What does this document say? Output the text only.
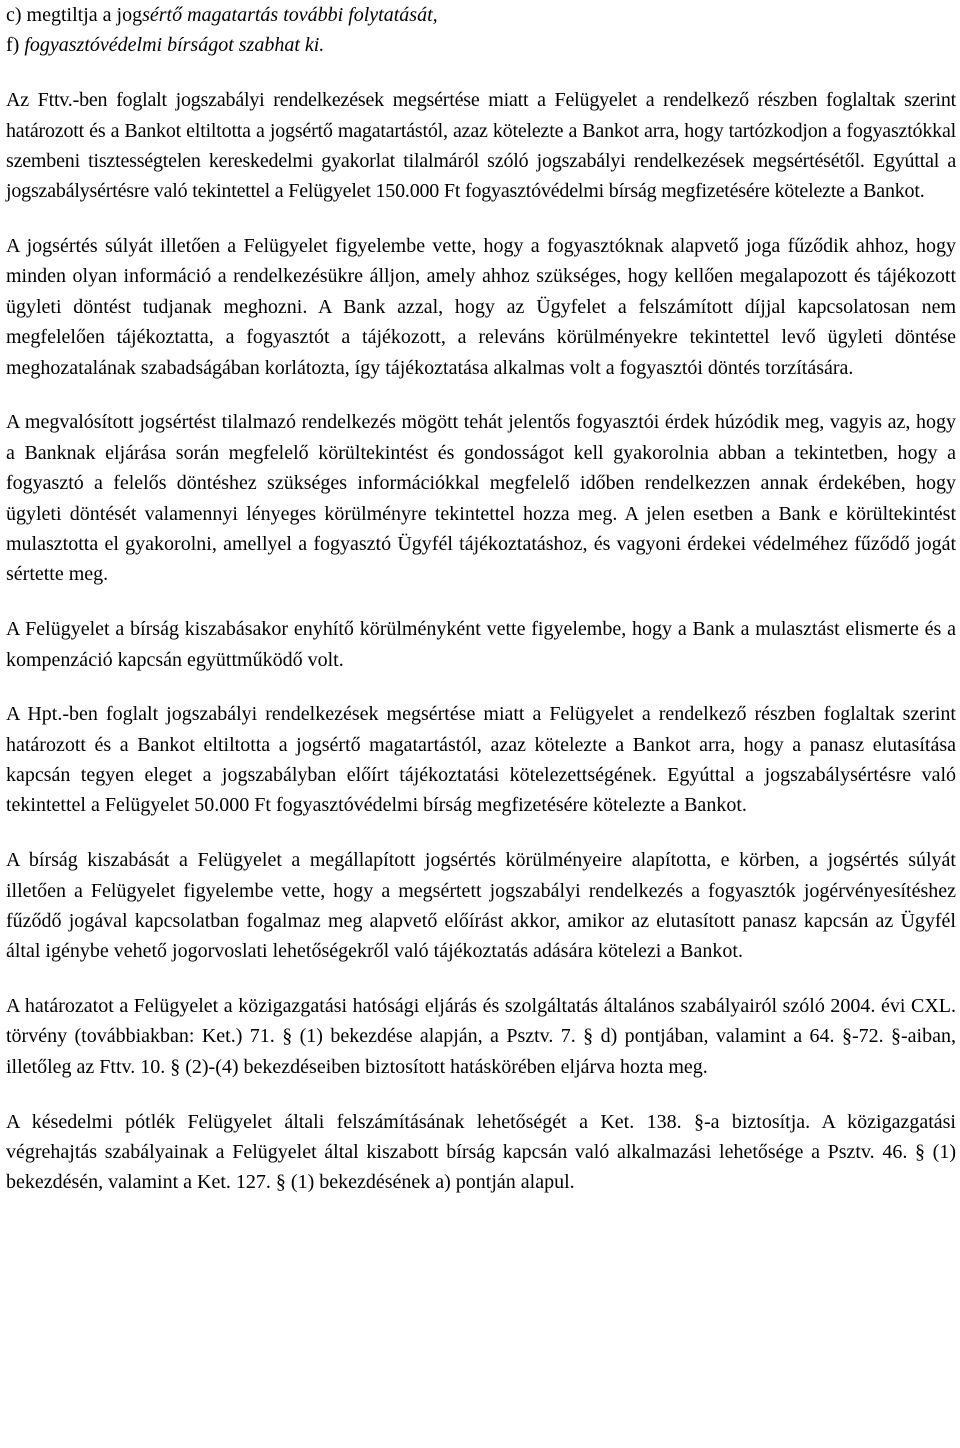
c) megtiltja a jogsértő magatartás további folytatását,
f) fogyasztóvédelmi bírságot szabhat ki.

Az Fttv.-ben foglalt jogszabályi rendelkezések megsértése miatt a Felügyelet a rendelkező részben foglaltak szerint határozott és a Bankot eltiltotta a jogsértő magatartástól, azaz kötelezte a Bankot arra, hogy tartózkodjon a fogyasztókkal szembeni tisztességtelen kereskedelmi gyakorlat tilalmáról szóló jogszabályi rendelkezések megsértésétől. Egyúttal a jogszabálysértésre való tekintettel a Felügyelet 150.000 Ft fogyasztóvédelmi bírság megfizetésére kötelezte a Bankot.

A jogsértés súlyát illetően a Felügyelet figyelembe vette, hogy a fogyasztóknak alapvető joga fűződik ahhoz, hogy minden olyan információ a rendelkezésükre álljon, amely ahhoz szükséges, hogy kellően megalapozott és tájékozott ügyleti döntést tudjanak meghozni. A Bank azzal, hogy az Ügyfelet a felszámított díjjal kapcsolatosan nem megfelelően tájékoztatta, a fogyasztót a tájékozott, a releváns körülményekre tekintettel levő ügyleti döntése meghozatalának szabadságában korlátozta, így tájékoztatása alkalmas volt a fogyasztói döntés torzítására.

A megvalósított jogsértést tilalmazó rendelkezés mögött tehát jelentős fogyasztói érdek húzódik meg, vagyis az, hogy a Banknak eljárása során megfelelő körültekintést és gondosságot kell gyakorolnia abban a tekintetben, hogy a fogyasztó a felelős döntéshez szükséges információkkal megfelelő időben rendelkezzen annak érdekében, hogy ügyleti döntését valamennyi lényeges körülményre tekintettel hozza meg. A jelen esetben a Bank e körültekintést mulasztotta el gyakorolni, amellyel a fogyasztó Ügyfél tájékoztatáshoz, és vagyoni érdekei védelméhez fűződő jogát sértette meg.

A Felügyelet a bírság kiszabásakor enyhítő körülményként vette figyelembe, hogy a Bank a mulasztást elismerte és a kompenzáció kapcsán együttműködő volt.

A Hpt.-ben foglalt jogszabályi rendelkezések megsértése miatt a Felügyelet a rendelkező részben foglaltak szerint határozott és a Bankot eltiltotta a jogsértő magatartástól, azaz kötelezte a Bankot arra, hogy a panasz elutasítása kapcsán tegyen eleget a jogszabályban előírt tájékoztatási kötelezettségének. Egyúttal a jogszabálysértésre való tekintettel a Felügyelet 50.000 Ft fogyasztóvédelmi bírság megfizetésére kötelezte a Bankot.

A bírság kiszabását a Felügyelet a megállapított jogsértés körülményeire alapította, e körben, a jogsértés súlyát illetően a Felügyelet figyelembe vette, hogy a megsértett jogszabályi rendelkezés a fogyasztók jogérvényesítéshez fűződő jogával kapcsolatban fogalmaz meg alapvető előírást akkor, amikor az elutasított panasz kapcsán az Ügyfél által igénybe vehető jogorvoslati lehetőségekről való tájékoztatás adására kötelezi a Bankot.

A határozatot a Felügyelet a közigazgatási hatósági eljárás és szolgáltatás általános szabályairól szóló 2004. évi CXL. törvény (továbbiakban: Ket.) 71. § (1) bekezdése alapján, a Psztv. 7. § d) pontjában, valamint a 64. §-72. §-aiban, illetőleg az Fttv. 10. § (2)-(4) bekezdéseiben biztosított hatáskörében eljárva hozta meg.

A késedelmi pótlék Felügyelet általi felszámításának lehetőségét a Ket. 138. §-a biztosítja. A közigazgatási végrehajtás szabályainak a Felügyelet által kiszabott bírság kapcsán való alkalmazási lehetősége a Psztv. 46. § (1) bekezdésén, valamint a Ket. 127. § (1) bekezdésének a) pontján alapul.
